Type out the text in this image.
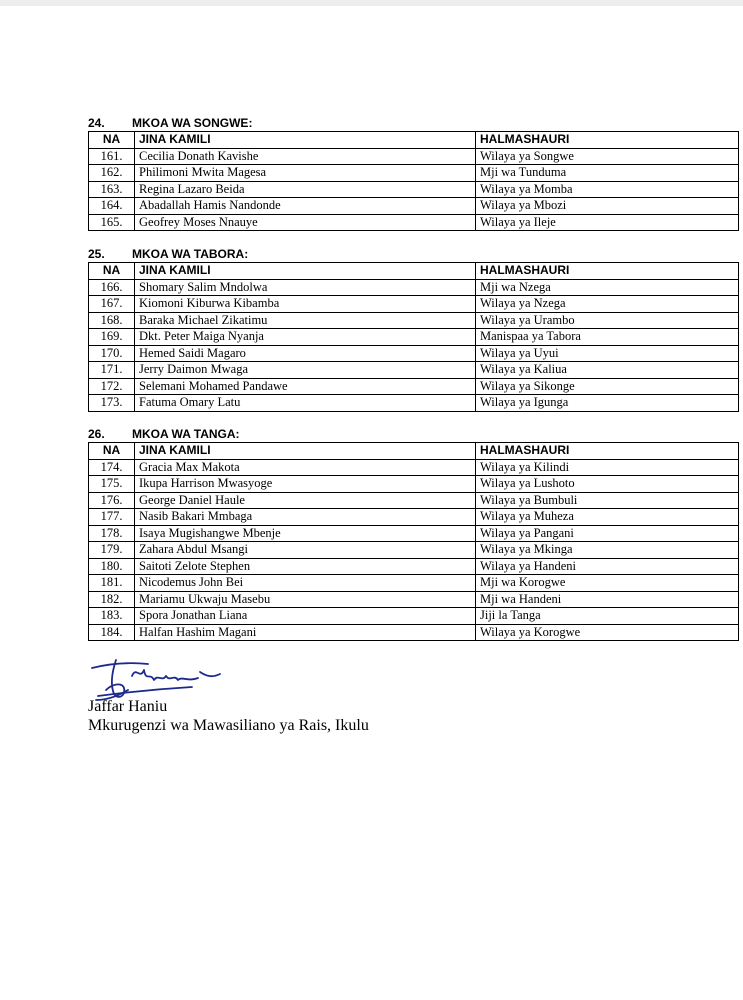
24. MKOA WA SONGWE:
NA	JINA KAMILI	HALMASHAURI
161.	Cecilia Donath Kavishe	Wilaya ya Songwe
162.	Philimoni Mwita Magesa	Mji wa Tunduma
163.	Regina Lazaro Beida	Wilaya ya Momba
164.	Abadallah Hamis Nandonde	Wilaya ya Mbozi
165.	Geofrey Moses Nnauye	Wilaya ya Ileje
25. MKOA WA TABORA:
NA	JINA KAMILI	HALMASHAURI
166.	Shomary Salim Mndolwa	Mji wa Nzega
167.	Kiomoni Kiburwa Kibamba	Wilaya ya Nzega
168.	Baraka Michael Zikatimu	Wilaya ya Urambo
169.	Dkt. Peter Maiga Nyanja	Manispaa ya Tabora
170.	Hemed Saidi Magaro	Wilaya ya Uyui
171.	Jerry Daimon Mwaga	Wilaya ya Kaliua
172.	Selemani Mohamed Pandawe	Wilaya ya Sikonge
173.	Fatuma Omary Latu	Wilaya ya Igunga
26. MKOA WA TANGA:
NA	JINA KAMILI	HALMASHAURI
174.	Gracia Max Makota	Wilaya ya Kilindi
175.	Ikupa Harrison Mwasyoge	Wilaya ya Lushoto
176.	George Daniel Haule	Wilaya ya Bumbuli
177.	Nasib Bakari Mmbaga	Wilaya ya Muheza
178.	Isaya Mugishangwe Mbenje	Wilaya ya Pangani
179.	Zahara Abdul Msangi	Wilaya ya Mkinga
180.	Saitoti Zelote Stephen	Wilaya ya Handeni
181.	Nicodemus John Bei	Mji wa Korogwe
182.	Mariamu Ukwaju Masebu	Mji wa Handeni
183.	Spora Jonathan Liana	Jiji la Tanga
184.	Halfan Hashim Magani	Wilaya ya Korogwe
Jaffar Haniu
Mkurugenzi wa Mawasiliano ya Rais, Ikulu
